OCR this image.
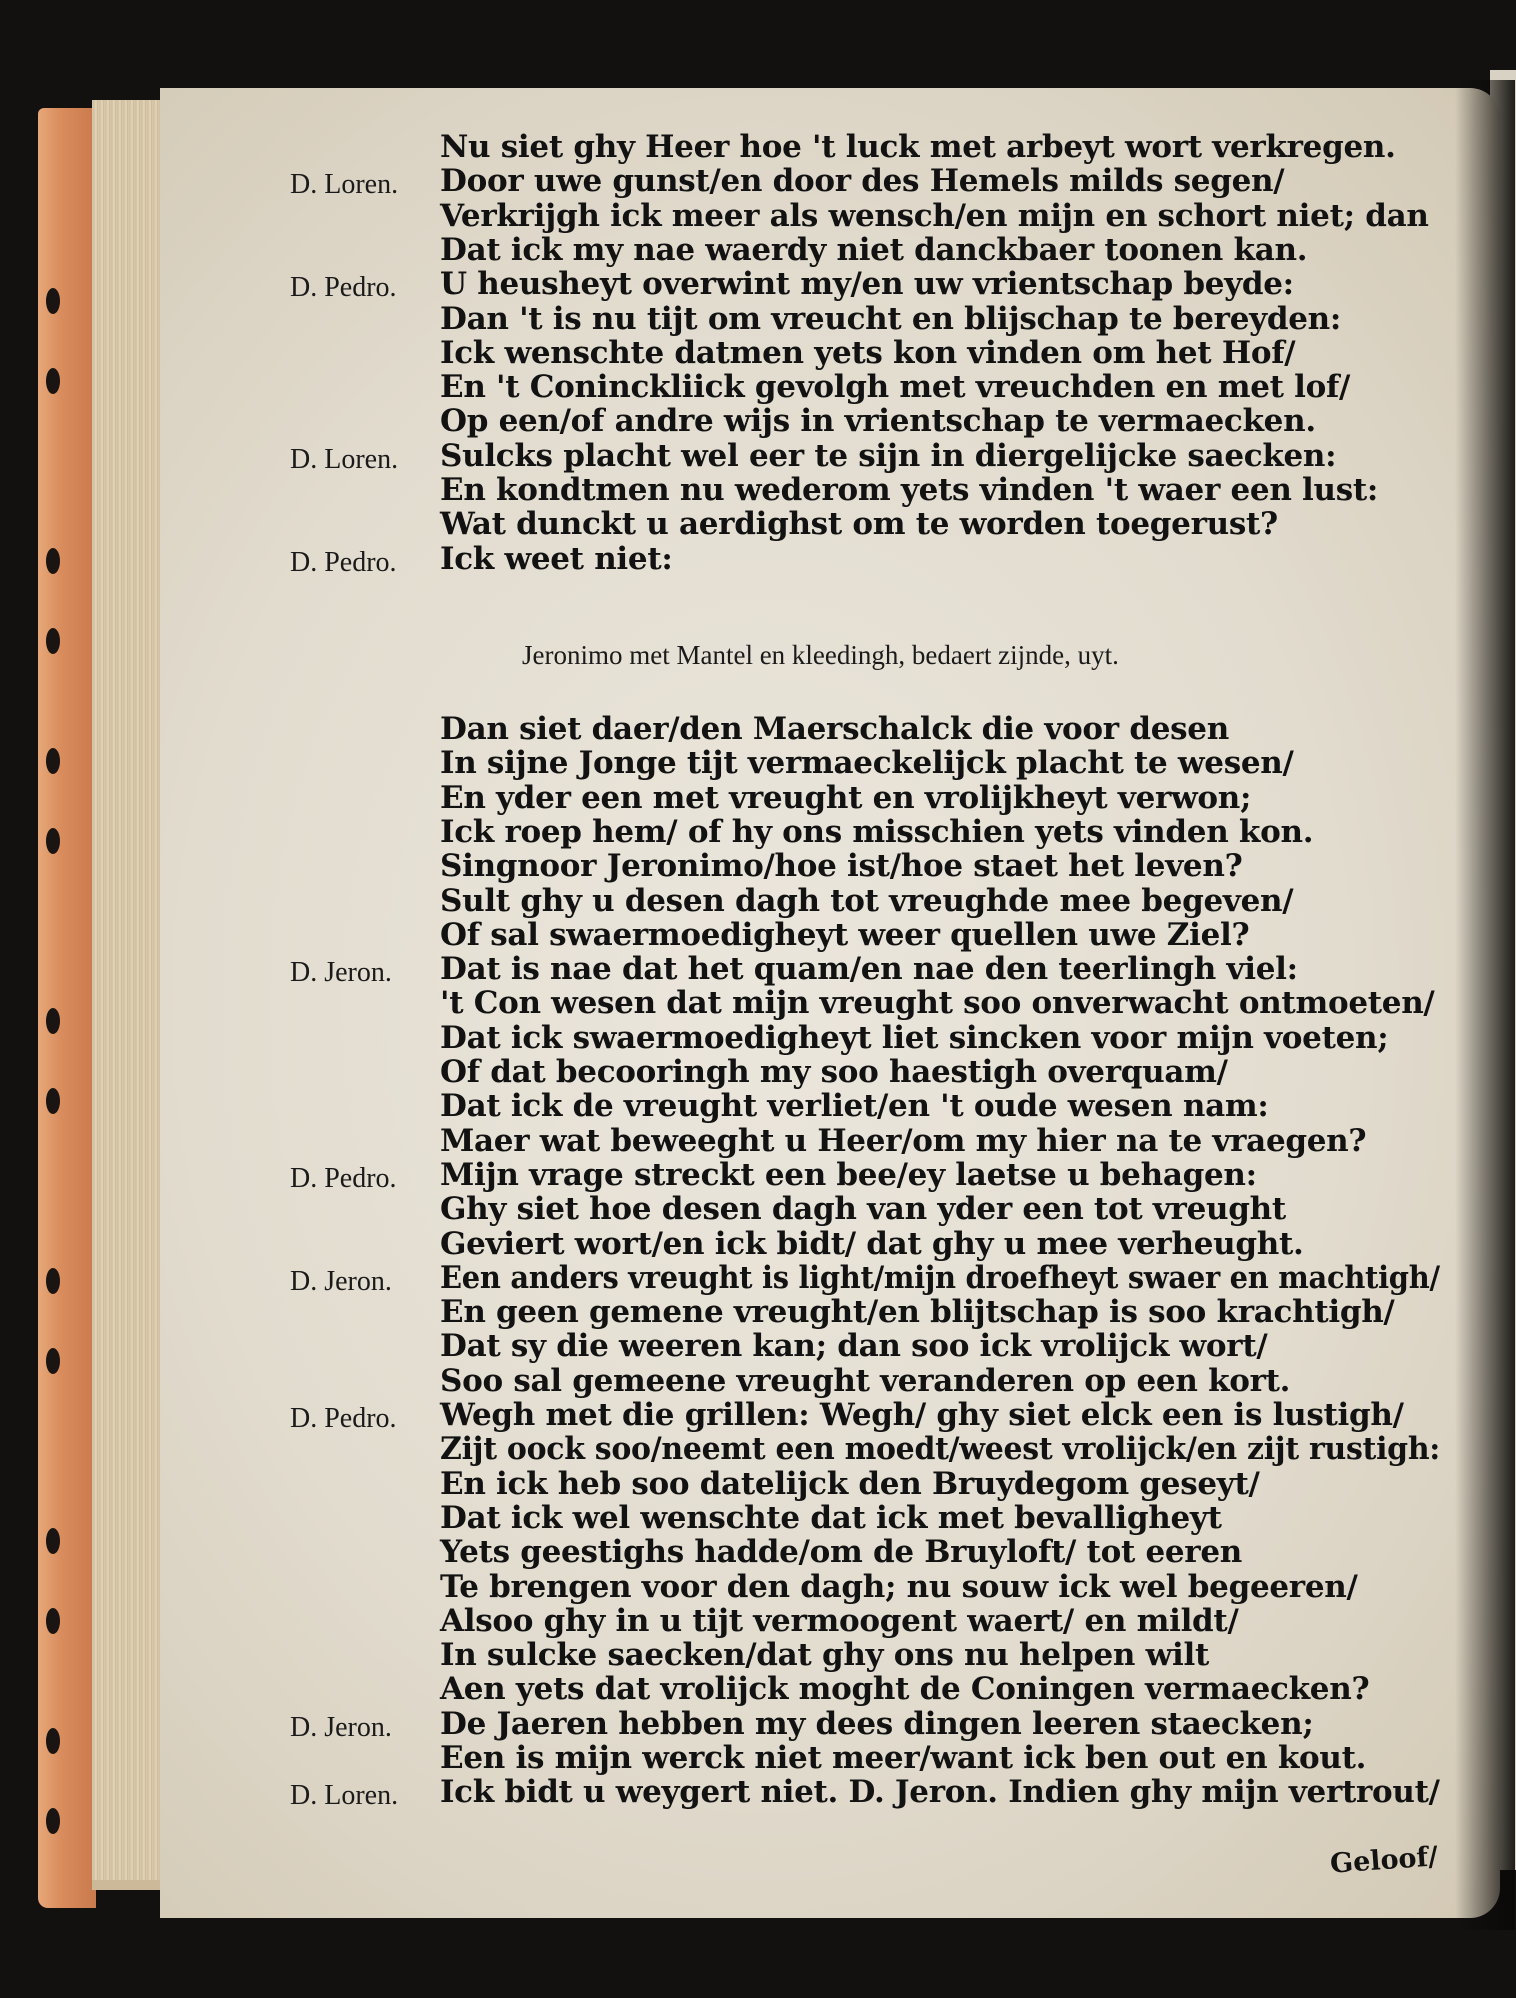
Nu siet ghy Heer hoe 't luck met arbeyt wort verkregen.
D. Loren. Door uwe gunst/en door des Hemels milds segen/
Verkrijgh ick meer als wensch/en mijn en schort niet; dan
Dat ick my nae waerdy niet danckbaer toonen kan.
D. Pedro. U heusheyt overwint my/en uw vrientschap beyde:
Dan 't is nu tijt om vreucht en blijschap te bereyden:
Ick wenschte datmen yets kon vinden om het Hof/
En 't Coninckliick gevolgh met vreuchden en met lof/
Op een/of andre wijs in vrientschap te vermaecken.
D. Loren. Sulcks placht wel eer te sijn in diergelijcke saecken:
En kondtmen nu wederom yets vinden 't waer een lust:
Wat dunckt u aerdighst om te worden toegerust?
D. Pedro. Ick weet niet:
Dan siet daer/den Maerschalck die voor desen
In sijne Jonge tijt vermaeckelijck placht te wesen/
En yder een met vreught en vrolijkheyt verwon;
Ick roep hem/ of hy ons misschien yets vinden kon.
Singnoor Jeronimo/hoe ist/hoe staet het leven?
Sult ghy u desen dagh tot vreughde mee begeven/
Of sal swaermoedigheyt weer quellen uwe Ziel?
D. Jeron. Dat is nae dat het quam/en nae den teerlingh viel:
't Con wesen dat mijn vreught soo onverwacht ontmoeten/
Dat ick swaermoedigheyt liet sincken voor mijn voeten;
Of dat becooringh my soo haestigh overquam/
Dat ick de vreught verliet/en 't oude wesen nam:
Maer wat beweeght u Heer/om my hier na te vraegen?
D. Pedro. Mijn vrage streckt een bee/ey laetse u behagen:
Ghy siet hoe desen dagh van yder een tot vreught
Geviert wort/en ick bidt/ dat ghy u mee verheught.
D. Jeron. Een anders vreught is light/mijn droefheyt swaer en machtigh/
En geen gemene vreught/en blijtschap is soo krachtigh/
Dat sy die weeren kan; dan soo ick vrolijck wort/
Soo sal gemeene vreught veranderen op een kort.
D. Pedro. Wegh met die grillen: Wegh/ ghy siet elck een is lustigh/
Zijt oock soo/neemt een moedt/weest vrolijck/en zijt rustigh:
En ick heb soo datelijck den Bruydegom geseyt/
Dat ick wel wenschte dat ick met bevalligheyt
Yets geestighs hadde/om de Bruyloft/ tot eeren
Te brengen voor den dagh; nu souw ick wel begeeren/
Alsoo ghy in u tijt vermoogent waert/ en mildt/
In sulcke saecken/dat ghy ons nu helpen wilt
Aen yets dat vrolijck moght de Coningen vermaecken?
D. Jeron. De Jaeren hebben my dees dingen leeren staecken;
Een is mijn werck niet meer/want ick ben out en kout.
D. Loren. Ick bidt u weygert niet. D. Jeron. Indien ghy mijn vertrout/
Jeronimo met Mantel en kleedingh, bedaert zijnde, uyt.
Geloof/
